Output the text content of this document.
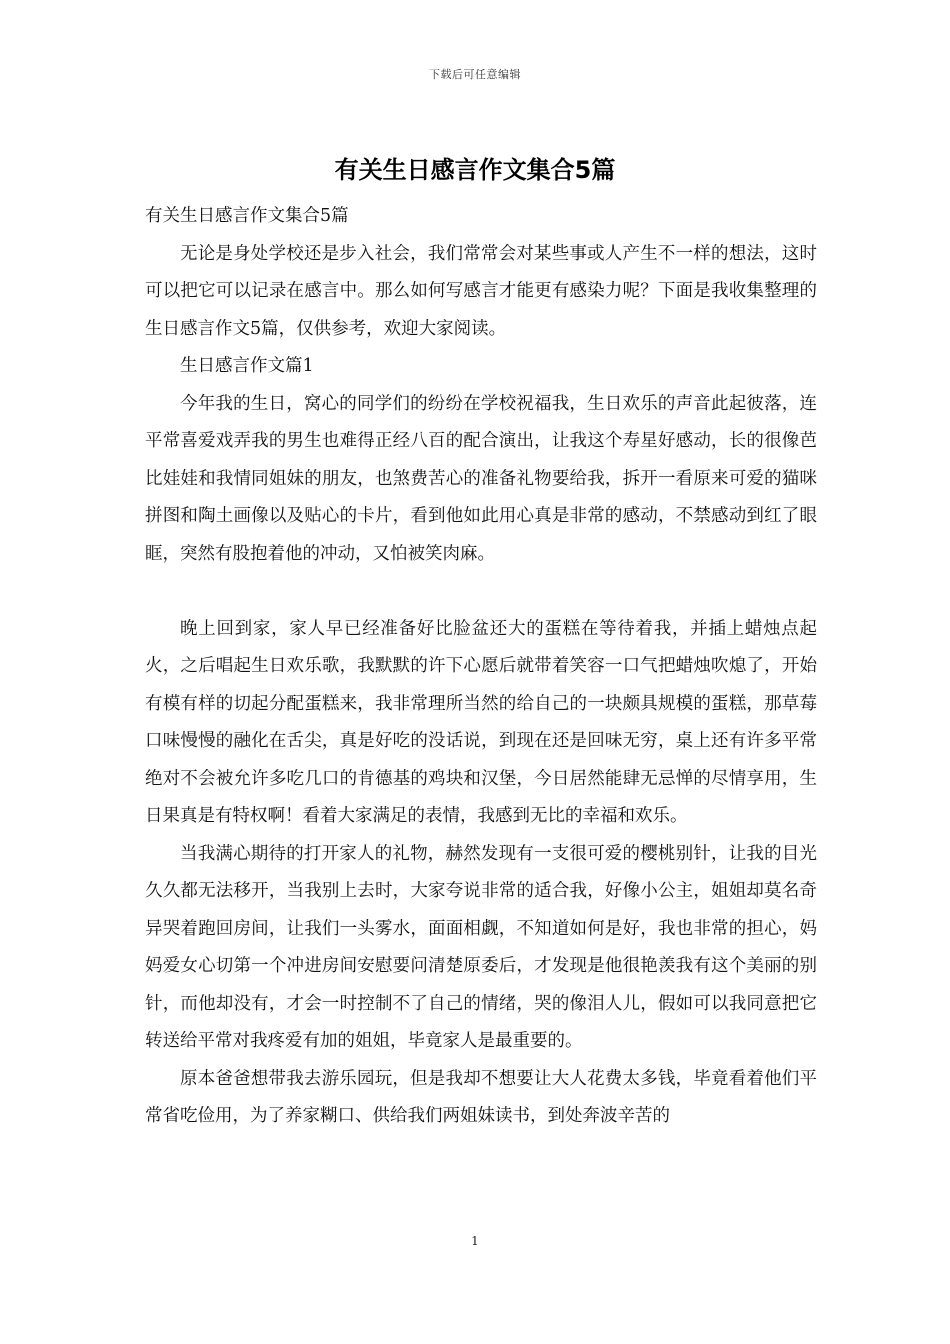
下载后可任意编辑
有关生日感言作文集合5篇

有关生日感言作文集合5篇

无论是身处学校还是步入社会，我们常常会对某些事或人产生不一样的想法，这时可以把它可以记录在感言中。那么如何写感言才能更有感染力呢？下面是我收集整理的生日感言作文5篇，仅供参考，欢迎大家阅读。

生日感言作文篇1

今年我的生日，窝心的同学们的纷纷在学校祝福我，生日欢乐的声音此起彼落，连平常喜爱戏弄我的男生也难得正经八百的配合演出，让我这个寿星好感动，长的很像芭比娃娃和我情同姐妹的朋友，也煞费苦心的准备礼物要给我，拆开一看原来可爱的猫咪拼图和陶土画像以及贴心的卡片，看到他如此用心真是非常的感动，不禁感动到红了眼眶，突然有股抱着他的冲动，又怕被笑肉麻。

晚上回到家，家人早已经准备好比脸盆还大的蛋糕在等待着我，并插上蜡烛点起火，之后唱起生日欢乐歌，我默默的许下心愿后就带着笑容一口气把蜡烛吹熄了，开始有模有样的切起分配蛋糕来，我非常理所当然的给自己的一块颇具规模的蛋糕，那草莓口味慢慢的融化在舌尖，真是好吃的没话说，到现在还是回味无穷，桌上还有许多平常绝对不会被允许多吃几口的肯德基的鸡块和汉堡，今日居然能肆无忌惮的尽情享用，生日果真是有特权啊！看着大家满足的表情，我感到无比的幸福和欢乐。

当我满心期待的打开家人的礼物，赫然发现有一支很可爱的樱桃别针，让我的目光久久都无法移开，当我别上去时，大家夸说非常的适合我，好像小公主，姐姐却莫名奇异哭着跑回房间，让我们一头雾水，面面相觑，不知道如何是好，我也非常的担心，妈妈爱女心切第一个冲进房间安慰要问清楚原委后，才发现是他很艳羡我有这个美丽的别针，而他却没有，才会一时控制不了自己的情绪，哭的像泪人儿，假如可以我同意把它转送给平常对我疼爱有加的姐姐，毕竟家人是最重要的。

原本爸爸想带我去游乐园玩，但是我却不想要让大人花费太多钱，毕竟看着他们平常省吃俭用，为了养家糊口、供给我们两姐妹读书，到处奔波辛苦的

1
